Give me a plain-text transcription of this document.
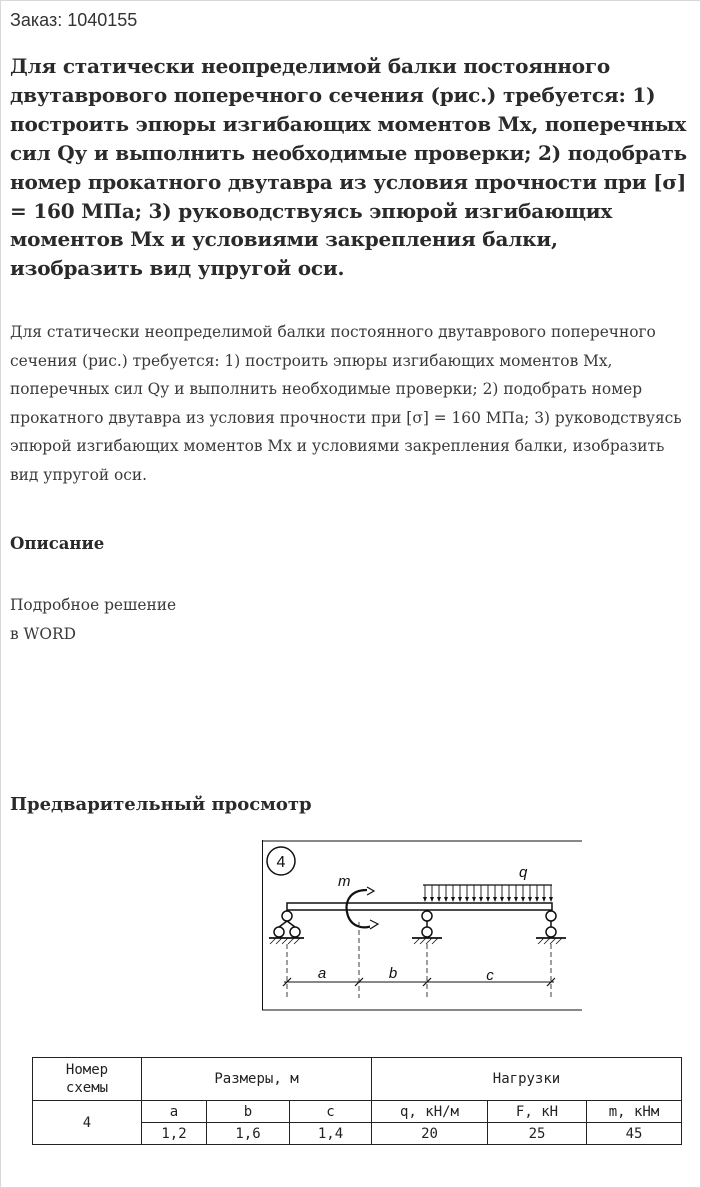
Заказ: 1040155
Для статически неопределимой балки постоянного двутаврового поперечного сечения (рис.) требуется: 1) построить эпюры изгибающих моментов Мх, поперечных сил Qу и выполнить необходимые проверки; 2) подобрать номер прокатного двутавра из условия прочности при [σ] = 160 МПа; 3) руководствуясь эпюрой изгибающих моментов Мх и условиями закрепления балки, изобразить вид упругой оси.

Для статически неопределимой балки постоянного двутаврового поперечного сечения (рис.) требуется: 1) построить эпюры изгибающих моментов Мх, поперечных сил Qу и выполнить необходимые проверки; 2) подобрать номер прокатного двутавра из условия прочности при [σ] = 160 МПа; 3) руководствуясь эпюрой изгибающих моментов Мх и условиями закрепления балки, изобразить вид упругой оси.

Описание

Подробное решение

в WORD

Предварительный просмотр
4
q
m
a	b	c
Номер
схемы	Размеры, м			Нагрузки		
4	a	b	c	q, кН/м	F, кН	m, кНм
	1,2	1,6	1,4	20	25	45
